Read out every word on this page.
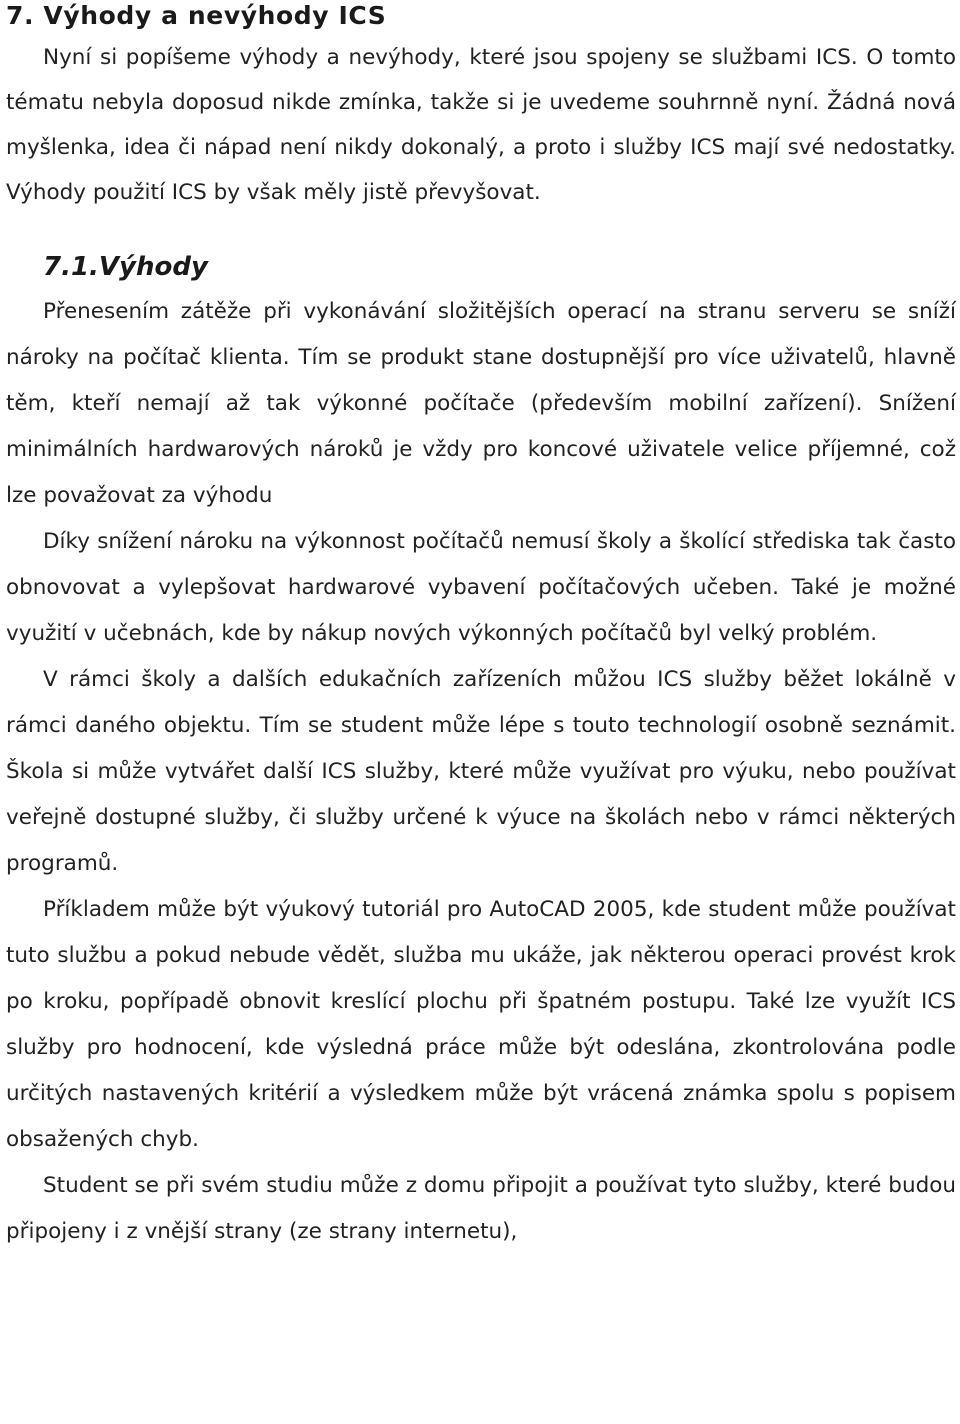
7. Výhody a nevýhody ICS

Nyní si popíšeme výhody a nevýhody, které jsou spojeny se službami ICS. O tomto tématu nebyla doposud nikde zmínka, takže si je uvedeme souhrnně nyní. Žádná nová myšlenka, idea či nápad není nikdy dokonalý, a proto i služby ICS mají své nedostatky. Výhody použití ICS by však měly jistě převyšovat.

7.1.Výhody

Přenesením zátěže při vykonávání složitějších operací na stranu serveru se sníží nároky na počítač klienta. Tím se produkt stane dostupnější pro více uživatelů, hlavně těm, kteří nemají až tak výkonné počítače (především mobilní zařízení). Snížení minimálních hardwarových nároků je vždy pro koncové uživatele velice příjemné, což lze považovat za výhodu

Díky snížení nároku na výkonnost počítačů nemusí školy a školící střediska tak často obnovovat a vylepšovat hardwarové vybavení počítačových učeben. Také je možné využití v učebnách, kde by nákup nových výkonných počítačů byl velký problém.

V rámci školy a dalších edukačních zařízeních můžou ICS služby běžet lokálně v rámci daného objektu. Tím se student může lépe s touto technologií osobně seznámit. Škola si může vytvářet další ICS služby, které může využívat pro výuku, nebo používat veřejně dostupné služby, či služby určené k výuce na školách nebo v rámci některých programů.

Příkladem může být výukový tutoriál pro AutoCAD 2005, kde student může používat tuto službu a pokud nebude vědět, služba mu ukáže, jak některou operaci provést krok po kroku, popřípadě obnovit kreslící plochu při špatném postupu. Také lze využít ICS služby pro hodnocení, kde výsledná práce může být odeslána, zkontrolována podle určitých nastavených kritérií a výsledkem může být vrácená známka spolu s popisem obsažených chyb.

Student se při svém studiu může z domu připojit a používat tyto služby, které budou připojeny i z vnější strany (ze strany internetu),
